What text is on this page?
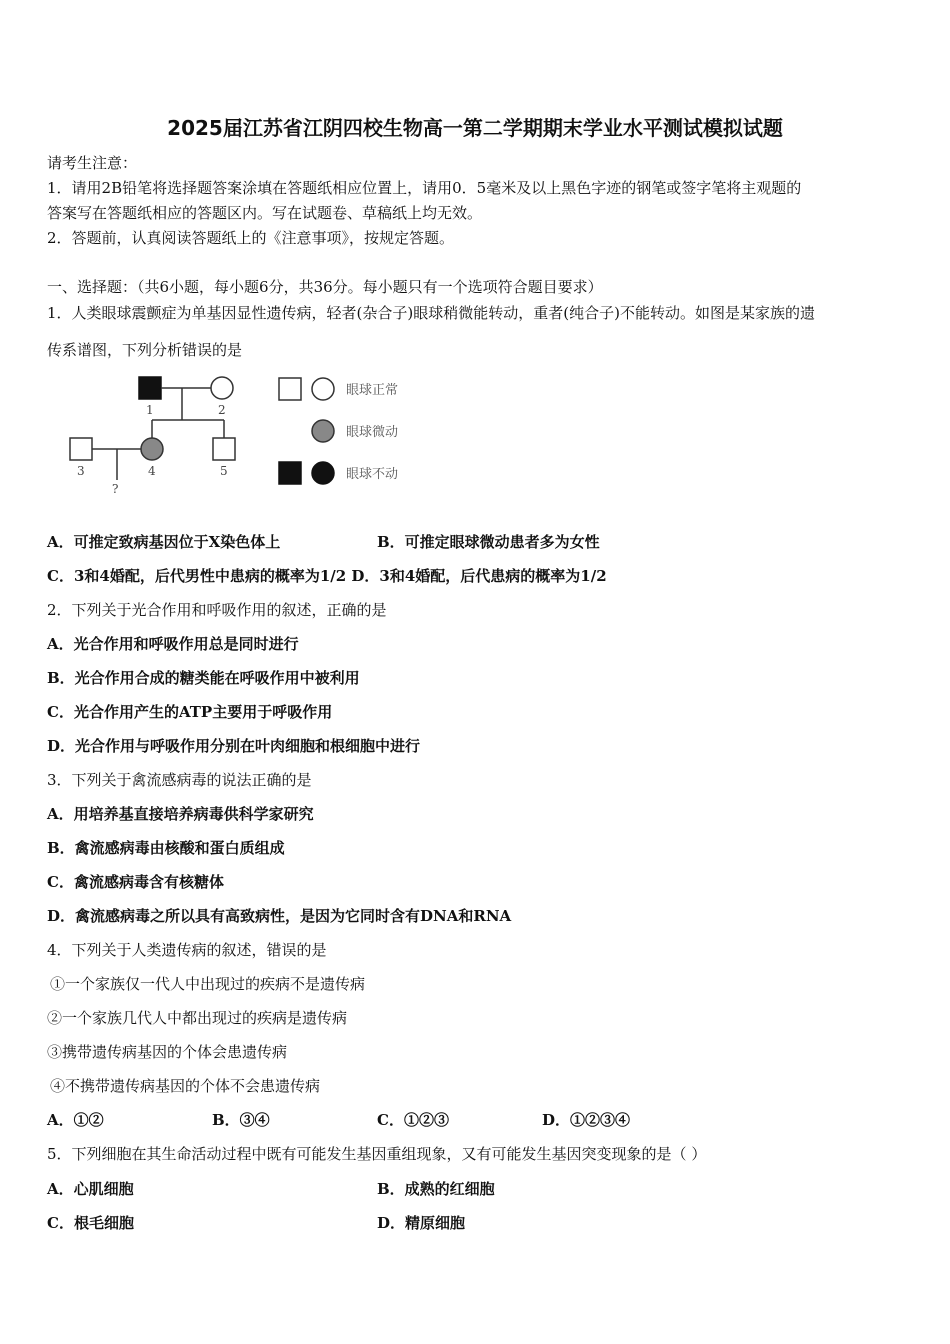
2025届江苏省江阴四校生物高一第二学期期末学业水平测试模拟试题
请考生注意：
1．请用2B铅笔将选择题答案涂填在答题纸相应位置上，请用0．5毫米及以上黑色字迹的钢笔或签字笔将主观题的
答案写在答题纸相应的答题区内。写在试题卷、草稿纸上均无效。
2．答题前，认真阅读答题纸上的《注意事项》，按规定答题。
一、选择题：（共6小题，每小题6分，共36分。每小题只有一个选项符合题目要求）
1．人类眼球震颤症为单基因显性遗传病，轻者(杂合子)眼球稍微能转动，重者(纯合子)不能转动。如图是某家族的遗
传系谱图，下列分析错误的是
1	2
3	4	5
?
眼球正常
眼球微动
眼球不动
A．可推定致病基因位于X染色体上	B．可推定眼球微动患者多为女性
C．3和4婚配，后代男性中患病的概率为1/2 D．3和4婚配，后代患病的概率为1/2
2．下列关于光合作用和呼吸作用的叙述，正确的是
A．光合作用和呼吸作用总是同时进行
B．光合作用合成的糖类能在呼吸作用中被利用
C．光合作用产生的ATP主要用于呼吸作用
D．光合作用与呼吸作用分别在叶肉细胞和根细胞中进行
3．下列关于禽流感病毒的说法正确的是
A．用培养基直接培养病毒供科学家研究
B．禽流感病毒由核酸和蛋白质组成
C．禽流感病毒含有核糖体
D．禽流感病毒之所以具有高致病性，是因为它同时含有DNA和RNA
4．下列关于人类遗传病的叙述，错误的是
①一个家族仅一代人中出现过的疾病不是遗传病
②一个家族几代人中都出现过的疾病是遗传病
③携带遗传病基因的个体会患遗传病
④不携带遗传病基因的个体不会患遗传病
A．①②	B．③④	C．①②③	D．①②③④
5．下列细胞在其生命活动过程中既有可能发生基因重组现象，又有可能发生基因突变现象的是（ ）
A．心肌细胞	B．成熟的红细胞
C．根毛细胞	D．精原细胞
